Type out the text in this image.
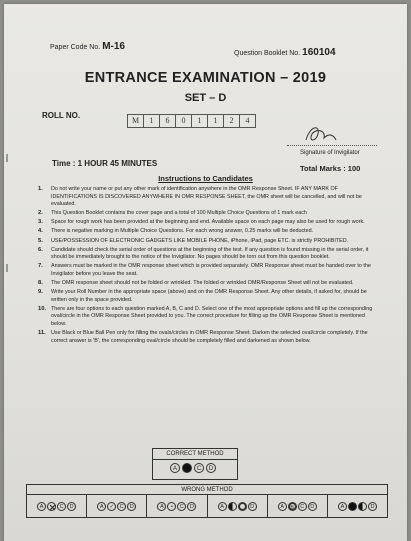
Paper Code No. M-16
Question Booklet No. 160104
ENTRANCE EXAMINATION – 2019
SET – D
ROLL NO.
M	1	6	0	1	1	2	4
Signature of Invigilator
Time : 1 HOUR 45 MINUTES
Total Marks : 100
Instructions to Candidates
1.	Do not write your name or put any other mark of identification anywhere in the OMR Response Sheet. IF ANY MARK OF IDENTIFICATIONS IS DISCOVERED ANYWHERE IN OMR RESPONSE SHEET, the OMR sheet will be cancelled, and will not be evaluated.
2.	This Question Booklet contains the cover page and a total of 100 Multiple Choice Questions of 1 mark each
3.	Space for rough work has been provided at the beginning and end. Available space on each page may also be used for rough work.
4.	There is negative marking in Multiple Choice Questions. For each wrong answer, 0.25 marks will be deducted.
5.	USE/POSSESSION OF ELECTRONIC GADGETS LIKE MOBILE PHONE, iPhone, iPad, page ETC. is strictly PROHIBITED.
6.	Candidate should check the serial order of questions at the beginning of the test. If any question is found missing in the serial order, it should be immediately brought to the notice of the Invigilator. No pages should be torn out from this question booklet.
7.	Answers must be marked in the OMR response sheet which is provided separately. OMR Response sheet must be handed over to the Invigilator before you leave the seat.
8.	The OMR response sheet should not be folded or wrinkled. The folded or wrinkled OMR/Response Sheet will not be evaluated.
9.	Write your Roll Number in the appropriate space (above) and on the OMR Response Sheet. Any other details, if asked for, should be written only in the space provided.
10. There are four options to each question marked A, B, C and D. Select one of the most appropriate options and fill up the corresponding oval/circle in the OMR Response Sheet provided to you. The correct procedure for filling up the OMR Response Sheet is mentioned below.
11. Use Black or Blue Ball Pen only for filling the ovals/circles in OMR Response Sheet. Darken the selected oval/circle completely. If the correct answer is 'B', the corresponding oval/circle should be completely filled and darkened as shown below.
CORRECT METHOD
A	C	D
WRONG METHOD
A	C	D	A	✓	C	D	A	•	C	D	A	D	A	B	C	D	A	D
